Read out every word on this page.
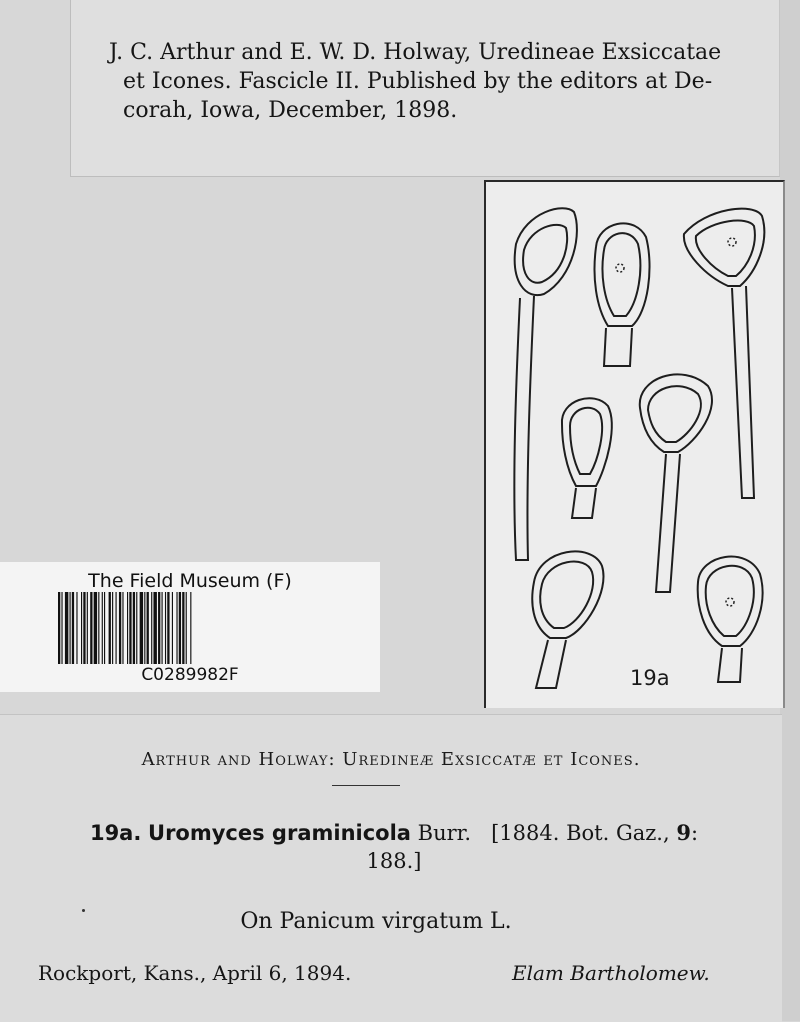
J. C. Arthur and E. W. D. Holway, Uredineae Exsiccatae
et Icones. Fascicle II. Published by the editors at De-
corah, Iowa, December, 1898.

19a

The Field Museum (F)

C0289982F

Arthur and Holway: Uredineæ Exsiccatæ et Icones.

19a. Uromyces graminicola Burr. [1884. Bot. Gaz., 9:
188.]

On Panicum virgatum L.

Rockport, Kans., April 6, 1894.	Elam Bartholomew.
